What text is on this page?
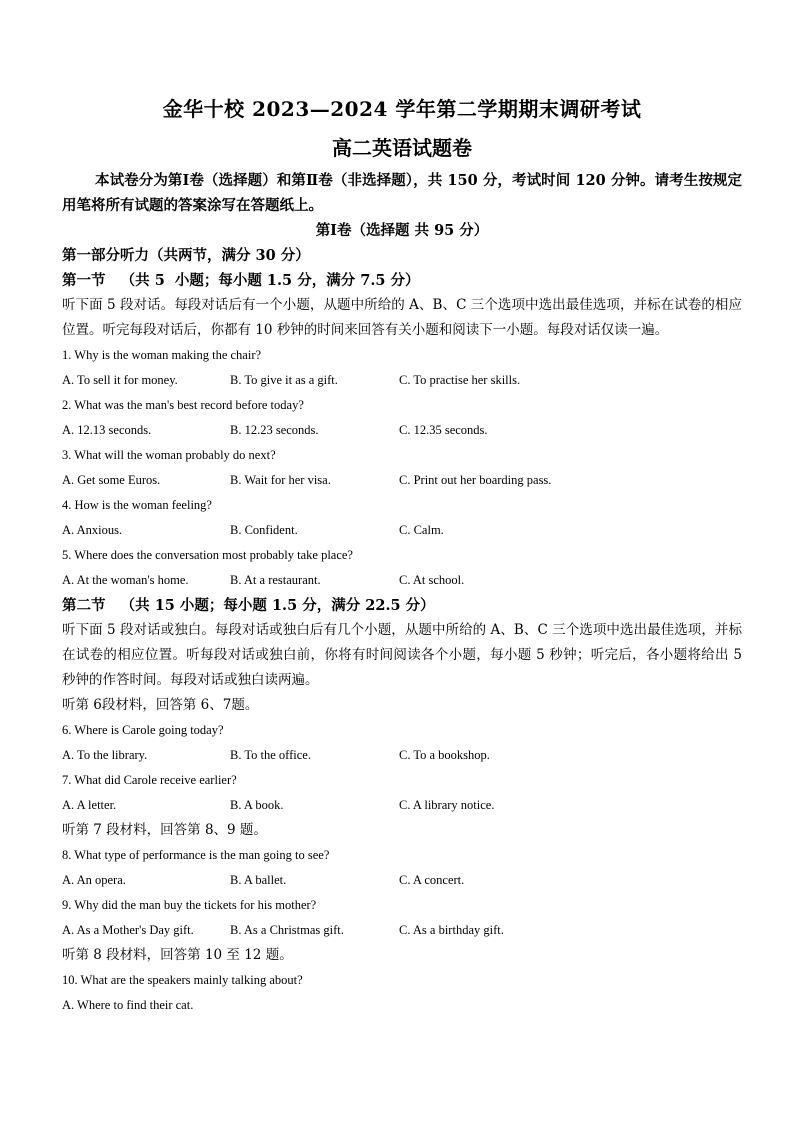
金华十校 2023—2024 学年第二学期期末调研考试
高二英语试题卷

本试卷分为第Ⅰ卷（选择题）和第Ⅱ卷（非选择题），共 150 分，考试时间 120 分钟。请考生按规定用笔将所有试题的答案涂写在答题纸上。

第Ⅰ卷（选择题 共 95 分）

第一部分听力（共两节，满分 30 分）

第一节   （共 5  小题；每小题 1.5 分，满分 7.5 分）

听下面 5 段对话。每段对话后有一个小题，从题中所给的 A、B、C 三个选项中选出最佳选项，并标在试卷的相应位置。听完每段对话后，你都有 10 秒钟的时间来回答有关小题和阅读下一小题。每段对话仅读一遍。

1. Why is the woman making the chair?

A. To sell it for money.	B. To give it as a gift.	C. To practise her skills.

2. What was the man's best record before today?

A. 12.13 seconds.	B. 12.23 seconds.	C. 12.35 seconds.

3. What will the woman probably do next?

A. Get some Euros.	B. Wait for her visa.	C. Print out her boarding pass.

4. How is the woman feeling?

A. Anxious.	B. Confident.	C. Calm.

5. Where does the conversation most probably take place?

A. At the woman's home.	B. At a restaurant.	C. At school.

第二节   （共 15 小题；每小题 1.5 分，满分 22.5 分）

听下面 5 段对话或独白。每段对话或独白后有几个小题，从题中所给的 A、B、C 三个选项中选出最佳选项，并标在试卷的相应位置。听每段对话或独白前，你将有时间阅读各个小题，每小题 5 秒钟；听完后，各小题将给出 5 秒钟的作答时间。每段对话或独白读两遍。

听第 6段材料，回答第 6、7题。

6. Where is Carole going today?

A. To the library.	B. To the office.	C. To a bookshop.

7. What did Carole receive earlier?

A. A letter.	B. A book.	C. A library notice.

听第 7 段材料，回答第 8、9 题。

8. What type of performance is the man going to see?

A. An opera.	B. A ballet.	C. A concert.

9. Why did the man buy the tickets for his mother?

A. As a Mother's Day gift.	B. As a Christmas gift.	C. As a birthday gift.

听第 8 段材料，回答第 10 至 12 题。

10. What are the speakers mainly talking about?

A. Where to find their cat.
